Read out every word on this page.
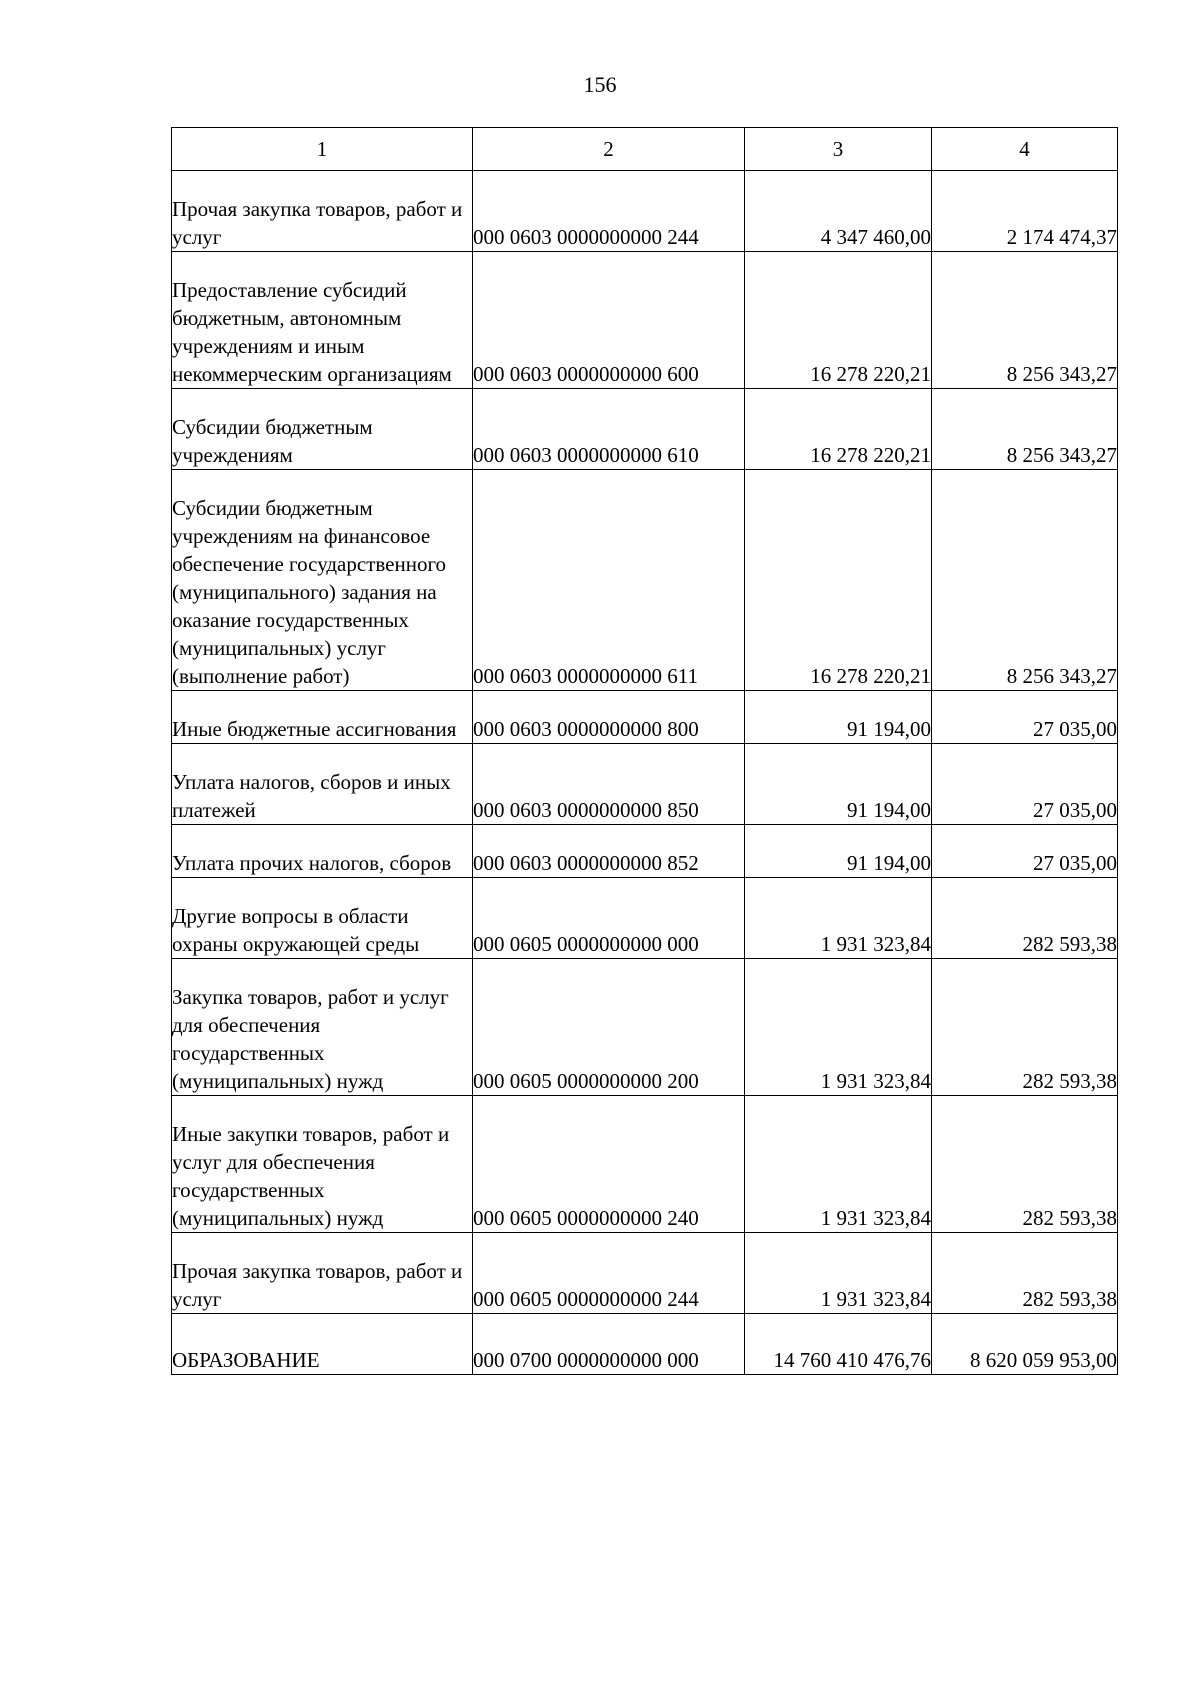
156
1	2	3	4

Прочая закупка товаров, работ и услуг	000 0603 0000000000 244	4 347 460,00	2 174 474,37

Предоставление субсидий бюджетным, автономным учреждениям и иным некоммерческим организациям	000 0603 0000000000 600	16 278 220,21	8 256 343,27

Субсидии бюджетным учреждениям	000 0603 0000000000 610	16 278 220,21	8 256 343,27

Субсидии бюджетным учреждениям на финансовое обеспечение государственного (муниципального) задания на оказание государственных (муниципальных) услуг (выполнение работ)	000 0603 0000000000 611	16 278 220,21	8 256 343,27

Иные бюджетные ассигнования	000 0603 0000000000 800	91 194,00	27 035,00

Уплата налогов, сборов и иных платежей	000 0603 0000000000 850	91 194,00	27 035,00

Уплата прочих налогов, сборов	000 0603 0000000000 852	91 194,00	27 035,00

Другие вопросы в области охраны окружающей среды	000 0605 0000000000 000	1 931 323,84	282 593,38

Закупка товаров, работ и услуг для обеспечения государственных (муниципальных) нужд	000 0605 0000000000 200	1 931 323,84	282 593,38

Иные закупки товаров, работ и услуг для обеспечения государственных (муниципальных) нужд	000 0605 0000000000 240	1 931 323,84	282 593,38

Прочая закупка товаров, работ и услуг	000 0605 0000000000 244	1 931 323,84	282 593,38

ОБРАЗОВАНИЕ	000 0700 0000000000 000	14 760 410 476,76	8 620 059 953,00
